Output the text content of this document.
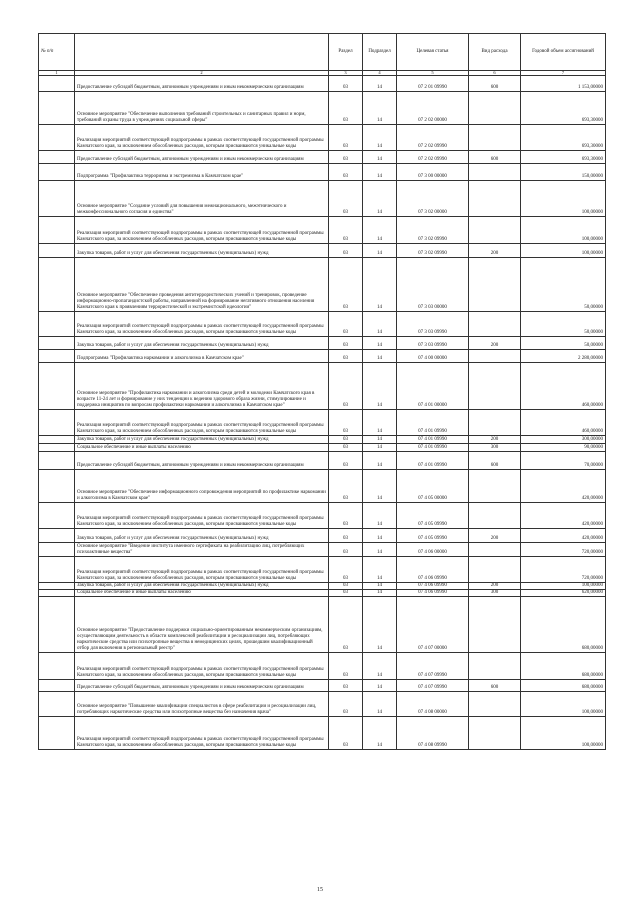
№ п/п		Раздел	Подраздел	Целевая статья	Вид расхода	Годовой объем ассигнований
1	2	3	4	5	6	7
	Предоставление субсидий бюджетным, автономным учреждениям и иным некоммерческим организациям	03	14	07 2 01 09990	600	1 153,00000
	Основное мероприятие "Обеспечение выполнения требований строительных и санитарных правил и норм, требований охраны труда в учреждениях социальной сферы"	03	14	07 2 02 00000		693,30000
	Реализация мероприятий соответствующей подпрограммы в рамках соответствующей государственной программы Камчатского края, за исключением обособленных расходов, которым присваиваются уникальные коды	03	14	07 2 02 09990		693,30000
	Предоставление субсидий бюджетным, автономным учреждениям и иным некоммерческим организациям	03	14	07 2 02 09990	600	693,30000
	Подпрограмма "Профилактика терроризма и экстремизма в Камчатском крае"	03	14	07 3 00 00000		150,00000
	Основное мероприятие "Создание условий для повышения межнационального, межэтнического и межконфессионального согласия и единства"	03	14	07 3 02 00000		100,00000
	Реализация мероприятий соответствующей подпрограммы в рамках соответствующей государственной программы Камчатского края, за исключением обособленных расходов, которым присваиваются уникальные коды	03	14	07 3 02 09990		100,00000
	Закупка товаров, работ и услуг для обеспечения государственных (муниципальных) нужд	03	14	07 3 02 09990	200	100,00000
	Основное мероприятие "Обеспечение проведения антитеррористических учений и тренировок, проведение информационно-пропагандистской работы, направленной на формирование негативного отношения населения Камчатского края к проявлениям террористической и экстремистской идеологии"	03	14	07 3 03 00000		50,00000
	Реализация мероприятий соответствующей подпрограммы в рамках соответствующей государственной программы Камчатского края, за исключением обособленных расходов, которым присваиваются уникальные коды	03	14	07 3 03 09990		50,00000
	Закупка товаров, работ и услуг для обеспечения государственных (муниципальных) нужд	03	14	07 3 03 09990	200	50,00000
	Подпрограмма "Профилактика наркомании и алкоголизма в Камчатском крае"	03	14	07 4 00 00000		2 280,00000
	Основное мероприятие "Профилактика наркомании и алкоголизма среди детей и молодежи Камчатского края в возрасте 11-24 лет и формирование у них тенденции к ведению здорового образа жизни, стимулирование и поддержка инициатив по вопросам профилактики наркомании и алкоголизма в Камчатском крае"	03	14	07 4 01 00000		460,00000
	Реализация мероприятий соответствующей подпрограммы в рамках соответствующей государственной программы Камчатского края, за исключением обособленных расходов, которым присваиваются уникальные коды	03	14	07 4 01 09990		460,00000
	Закупка товаров, работ и услуг для обеспечения государственных (муниципальных) нужд	03	14	07 4 01 09990	200	300,00000
	Социальное обеспечение и иные выплаты населению	03	14	07 4 01 09990	300	90,00000
	Предоставление субсидий бюджетным, автономным учреждениям и иным некоммерческим организациям	03	14	07 4 01 09990	600	70,00000
	Основное мероприятие "Обеспечение информационного сопровождения мероприятий по профилактике наркомании и алкоголизма в Камчатском крае"	03	14	07 4 05 00000		420,00000
	Реализация мероприятий соответствующей подпрограммы в рамках соответствующей государственной программы Камчатского края, за исключением обособленных расходов, которым присваиваются уникальные коды	03	14	07 4 05 09990		420,00000
	Закупка товаров, работ и услуг для обеспечения государственных (муниципальных) нужд	03	14	07 4 05 09990	200	420,00000
	Основное мероприятие "Введение института именного сертификата на реабилитацию лиц, потребляющих психоактивные вещества"	03	14	07 4 06 00000		720,00000
	Реализация мероприятий соответствующей подпрограммы в рамках соответствующей государственной программы Камчатского края, за исключением обособленных расходов, которым присваиваются уникальные коды	03	14	07 4 06 09990		720,00000
	Закупка товаров, работ и услуг для обеспечения государственных (муниципальных) нужд	03	14	07 4 06 09990	200	100,00000
	Социальное обеспечение и иные выплаты населению	03	14	07 4 06 09990	300	620,00000
	Основное мероприятие "Предоставление поддержки социально-ориентированным некоммерческим организациям, осуществляющим деятельность в области комплексной реабилитации и ресоциализации лиц, потребляющих наркотические средства или психотропные вещества в немедицинских целях, прошедшим квалификационный отбор для включения в региональный реестр"	03	14	07 4 07 00000		680,00000
	Реализация мероприятий соответствующей подпрограммы в рамках соответствующей государственной программы Камчатского края, за исключением обособленных расходов, которым присваиваются уникальные коды	03	14	07 4 07 09990		680,00000
	Предоставление субсидий бюджетным, автономным учреждениям и иным некоммерческим организациям	03	14	07 4 07 09990	600	680,00000
	Основное мероприятие "Повышение квалификации специалистов в сфере реабилитации и ресоциализации лиц, потребляющих наркотические средства или психотропные вещества без назначения врача"	03	14	07 4 08 00000		100,00000
	Реализация мероприятий соответствующей подпрограммы в рамках соответствующей государственной программы Камчатского края, за исключением обособленных расходов, которым присваиваются уникальные коды	03	14	07 4 08 09990		100,00000
15
